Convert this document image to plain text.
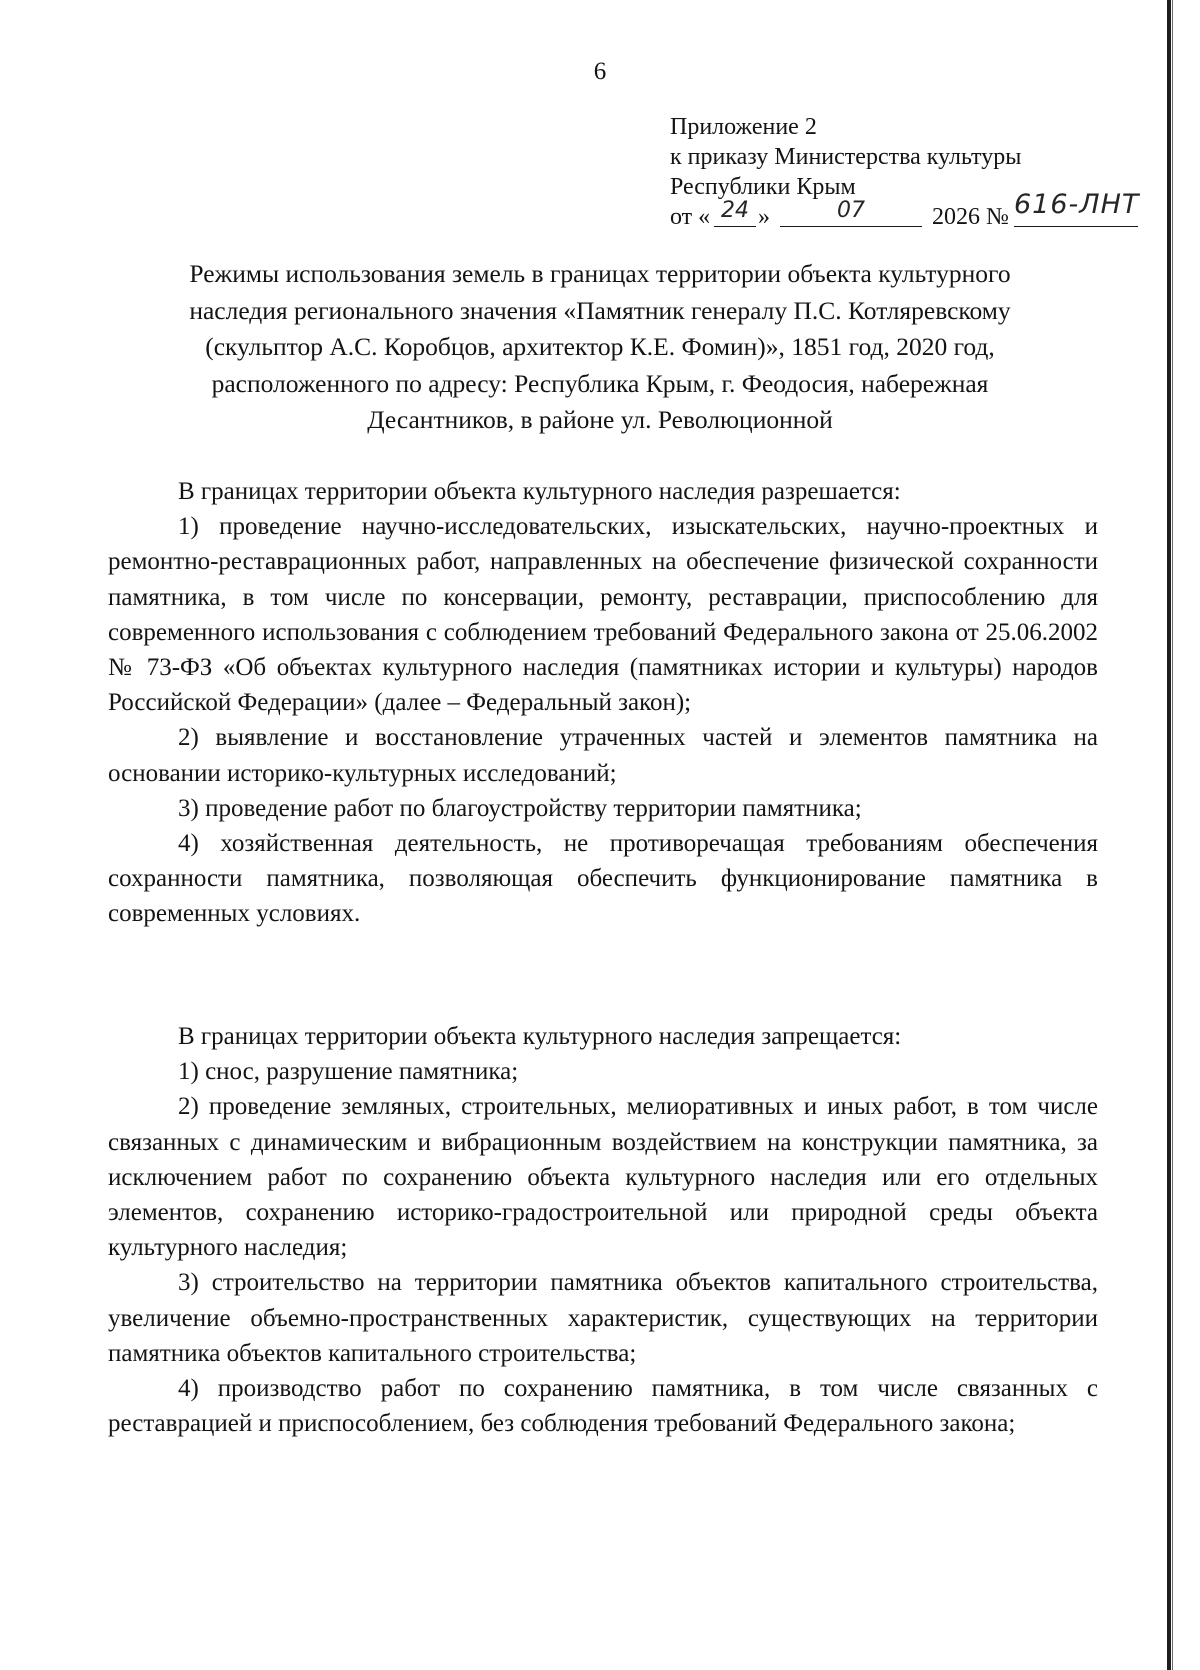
6
Приложение 2
к приказу Министерства культуры
Республики Крым
от « 24 »	07	2026 № 616-ЛНТ
Режимы использования земель в границах территории объекта культурного
наследия регионального значения «Памятник генералу П.С. Котляревскому
(скульптор А.С. Коробцов, архитектор К.Е. Фомин)», 1851 год, 2020 год,
расположенного по адресу: Республика Крым, г. Феодосия, набережная
Десантников, в районе ул. Революционной

В границах территории объекта культурного наследия разрешается:

1) проведение научно-исследовательских, изыскательских, научно-проектных и ремонтно-реставрационных работ, направленных на обеспечение физической сохранности памятника, в том числе по консервации, ремонту, реставрации, приспособлению для современного использования с соблюдением требований Федерального закона от 25.06.2002 № 73-ФЗ «Об объектах культурного наследия (памятниках истории и культуры) народов Российской Федерации» (далее – Федеральный закон);

2) выявление и восстановление утраченных частей и элементов памятника на основании историко-культурных исследований;

3) проведение работ по благоустройству территории памятника;

4) хозяйственная деятельность, не противоречащая требованиям обеспечения сохранности памятника, позволяющая обеспечить функционирование памятника в современных условиях.

В границах территории объекта культурного наследия запрещается:

1) снос, разрушение памятника;

2) проведение земляных, строительных, мелиоративных и иных работ, в том числе связанных с динамическим и вибрационным воздействием на конструкции памятника, за исключением работ по сохранению объекта культурного наследия или его отдельных элементов, сохранению историко-градостроительной или природной среды объекта культурного наследия;

3) строительство на территории памятника объектов капитального строительства, увеличение объемно-пространственных характеристик, существующих на территории памятника объектов капитального строительства;

4) производство работ по сохранению памятника, в том числе связанных с реставрацией и приспособлением, без соблюдения требований Федерального закона;
